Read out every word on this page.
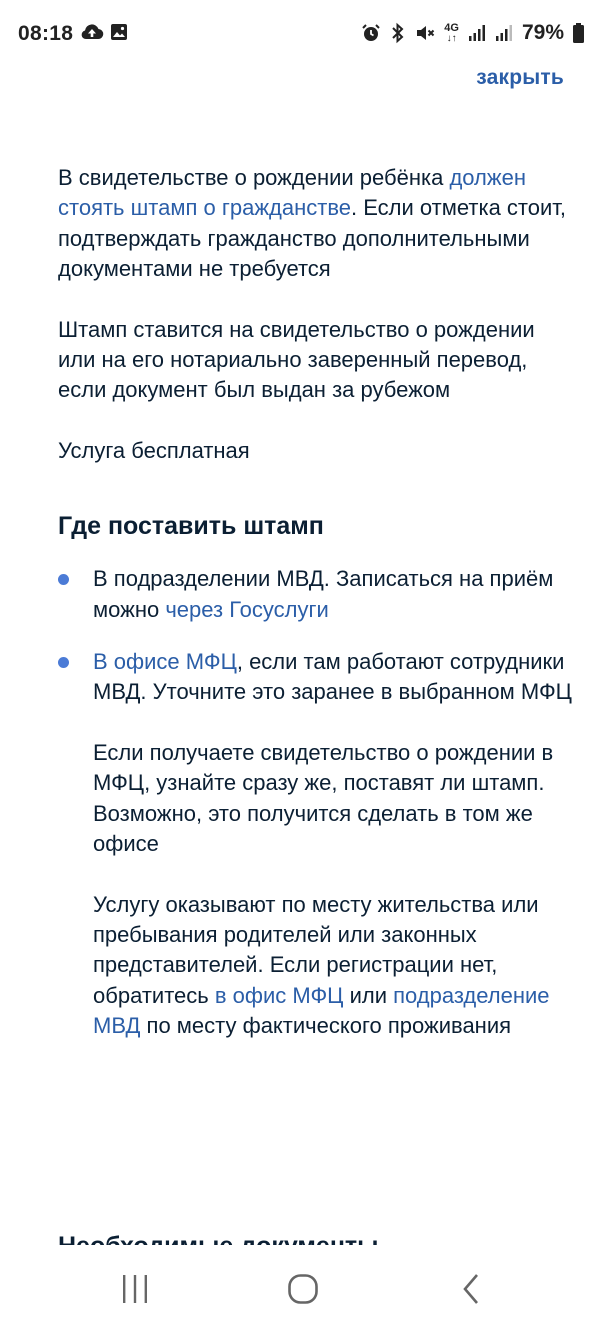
08:18	4G
↓↑	79%
закрыть

В свидетельстве о рождении ребёнка должен стоять штамп о гражданстве. Если отметка стоит, подтверждать гражданство дополнительными документами не требуется

Штамп ставится на свидетельство о рождении или на его нотариально заверенный перевод, если документ был выдан за рубежом

Услуга бесплатная

Где поставить штамп

В подразделении МВД. Записаться на приём можно через Госуслуги

В офисе МФЦ, если там работают сотрудники МВД. Уточните это заранее в выбранном МФЦ

Если получаете свидетельство о рождении в МФЦ, узнайте сразу же, поставят ли штамп. Возможно, это получится сделать в том же офисе

Услугу оказывают по месту жительства или пребывания родителей или законных представителей. Если регистрации нет, обратитесь в офис МФЦ или подразделение МВД по месту фактического проживания
